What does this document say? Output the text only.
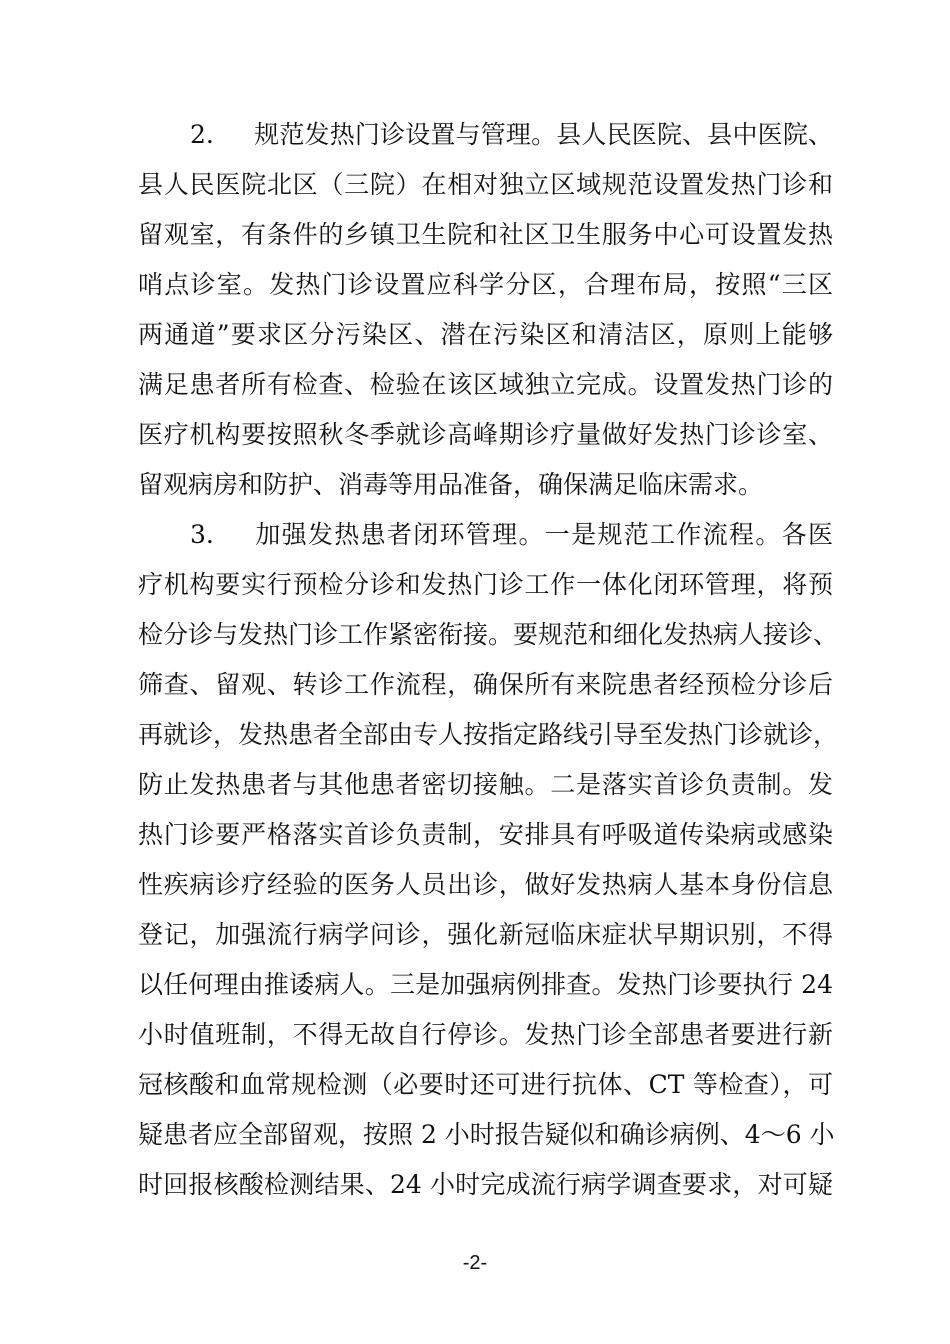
2. 规范发热门诊设置与管理。县人民医院、县中医院、
县人民医院北区（三院）在相对独立区域规范设置发热门诊和
留观室，有条件的乡镇卫生院和社区卫生服务中心可设置发热
哨点诊室。发热门诊设置应科学分区，合理布局，按照“三区
两通道”要求区分污染区、潜在污染区和清洁区，原则上能够
满足患者所有检查、检验在该区域独立完成。设置发热门诊的
医疗机构要按照秋冬季就诊高峰期诊疗量做好发热门诊诊室、
留观病房和防护、消毒等用品准备，确保满足临床需求。
3. 加强发热患者闭环管理。一是规范工作流程。各医
疗机构要实行预检分诊和发热门诊工作一体化闭环管理，将预
检分诊与发热门诊工作紧密衔接。要规范和细化发热病人接诊、
筛查、留观、转诊工作流程，确保所有来院患者经预检分诊后
再就诊，发热患者全部由专人按指定路线引导至发热门诊就诊，
防止发热患者与其他患者密切接触。二是落实首诊负责制。发
热门诊要严格落实首诊负责制，安排具有呼吸道传染病或感染
性疾病诊疗经验的医务人员出诊，做好发热病人基本身份信息
登记，加强流行病学问诊，强化新冠临床症状早期识别，不得
以任何理由推诿病人。三是加强病例排查。发热门诊要执行 24
小时值班制，不得无故自行停诊。发热门诊全部患者要进行新
冠核酸和血常规检测（必要时还可进行抗体、CT 等检查），可
疑患者应全部留观，按照 2 小时报告疑似和确诊病例、4～6 小
时回报核酸检测结果、24 小时完成流行病学调查要求，对可疑
-2-
